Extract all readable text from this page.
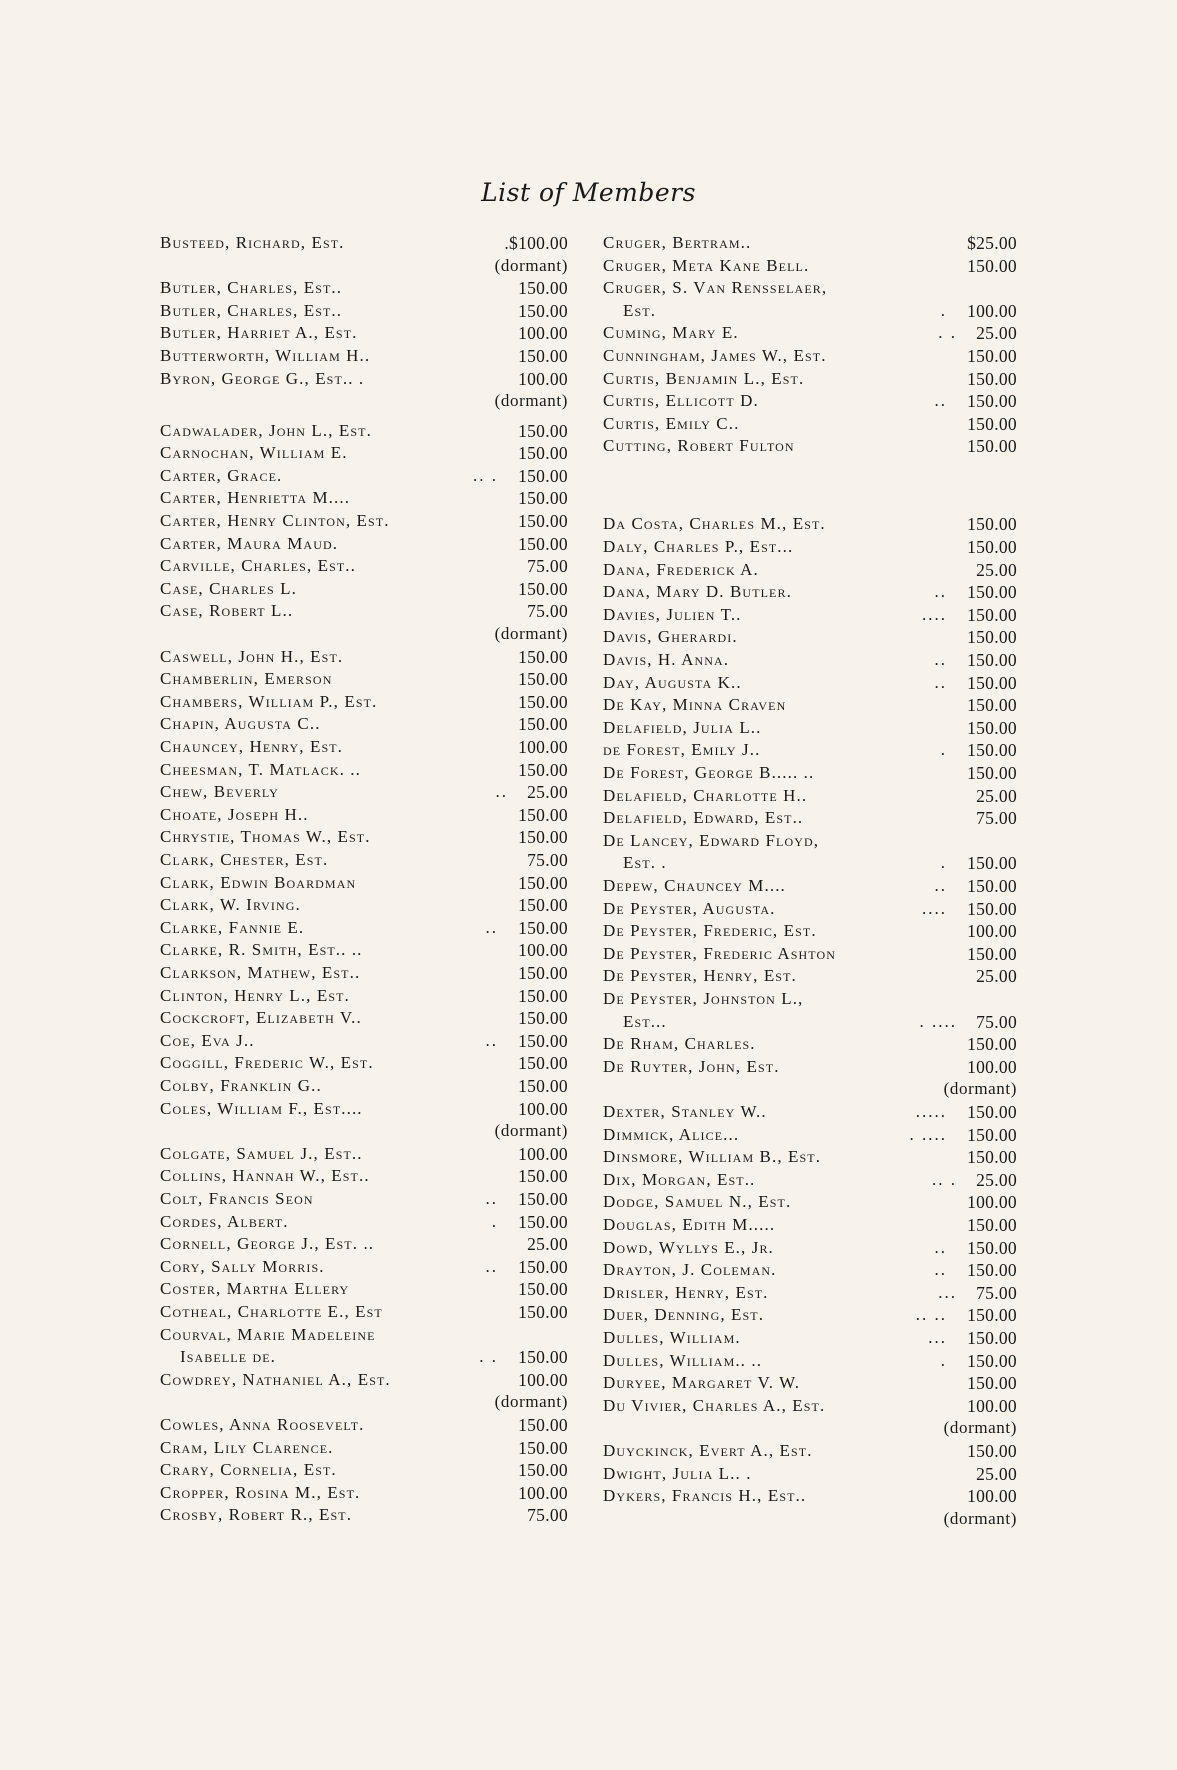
List of Members
Busteed, Richard, Est.	.$100.00
(dormant)
Butler, Charles, Est..	150.00
Butler, Charles, Est..	150.00
Butler, Harriet A., Est.	100.00
Butterworth, William H..	150.00
Byron, George G., Est.. .	100.00
(dormant)
Cadwalader, John L., Est.	150.00
Carnochan, William E.	150.00
Carter, Grace.	.. . 150.00
Carter, Henrietta M....	150.00
Carter, Henry Clinton, Est.	150.00
Carter, Maura Maud.	150.00
Carville, Charles, Est..	75.00
Case, Charles L.	150.00
Case, Robert L..	75.00
(dormant)
Caswell, John H., Est.	150.00
Chamberlin, Emerson	150.00
Chambers, William P., Est.	150.00
Chapin, Augusta C..	150.00
Chauncey, Henry, Est.	100.00
Cheesman, T. Matlack. ..	150.00
Chew, Beverly	.. 25.00
Choate, Joseph H..	150.00
Chrystie, Thomas W., Est.	150.00
Clark, Chester, Est.	75.00
Clark, Edwin Boardman	150.00
Clark, W. Irving.	150.00
Clarke, Fannie E.	.. 150.00
Clarke, R. Smith, Est.. ..	100.00
Clarkson, Mathew, Est..	150.00
Clinton, Henry L., Est.	150.00
Cockcroft, Elizabeth V..	150.00
Coe, Eva J..	.. 150.00
Coggill, Frederic W., Est.	150.00
Colby, Franklin G..	150.00
Coles, William F., Est....	100.00
(dormant)
Colgate, Samuel J., Est..	100.00
Collins, Hannah W., Est..	150.00
Colt, Francis Seon	.. 150.00
Cordes, Albert.	. 150.00
Cornell, George J., Est. ..	25.00
Cory, Sally Morris.	.. 150.00
Coster, Martha Ellery	150.00
Cotheal, Charlotte E., Est	150.00
Courval, Marie Madeleine
Isabelle de.	. . 150.00
Cowdrey, Nathaniel A., Est.	100.00
(dormant)
Cowles, Anna Roosevelt.	150.00
Cram, Lily Clarence.	150.00
Crary, Cornelia, Est.	150.00
Cropper, Rosina M., Est.	100.00
Crosby, Robert R., Est.	75.00
Cruger, Bertram..	$25.00
Cruger, Meta Kane Bell.	150.00
Cruger, S. Van Rensselaer,
Est.	. 100.00
Cuming, Mary E.	. . 25.00
Cunningham, James W., Est.	150.00
Curtis, Benjamin L., Est.	150.00
Curtis, Ellicott D.	.. 150.00
Curtis, Emily C..	150.00
Cutting, Robert Fulton	150.00
Da Costa, Charles M., Est.	150.00
Daly, Charles P., Est...	150.00
Dana, Frederick A.	25.00
Dana, Mary D. Butler.	.. 150.00
Davies, Julien T..	.... 150.00
Davis, Gherardi.	150.00
Davis, H. Anna.	.. 150.00
Day, Augusta K..	.. 150.00
De Kay, Minna Craven	150.00
Delafield, Julia L..	150.00
de Forest, Emily J..	. 150.00
De Forest, George B..... ..	150.00
Delafield, Charlotte H..	25.00
Delafield, Edward, Est..	75.00
De Lancey, Edward Floyd,
Est. .	. 150.00
Depew, Chauncey M....	.. 150.00
De Peyster, Augusta.	.... 150.00
De Peyster, Frederic, Est.	100.00
De Peyster, Frederic Ashton	150.00
De Peyster, Henry, Est.	25.00
De Peyster, Johnston L.,
Est...	. .... 75.00
De Rham, Charles.	150.00
De Ruyter, John, Est.	100.00
(dormant)
Dexter, Stanley W..	..... 150.00
Dimmick, Alice...	. .... 150.00
Dinsmore, William B., Est.	150.00
Dix, Morgan, Est..	.. . 25.00
Dodge, Samuel N., Est.	100.00
Douglas, Edith M.....	150.00
Dowd, Wyllys E., Jr.	.. 150.00
Drayton, J. Coleman.	.. 150.00
Drisler, Henry, Est.	... 75.00
Duer, Denning, Est.	.. .. 150.00
Dulles, William.	... 150.00
Dulles, William.. ..	. 150.00
Duryee, Margaret V. W.	150.00
Du Vivier, Charles A., Est.	100.00
(dormant)
Duyckinck, Evert A., Est.	150.00
Dwight, Julia L.. .	25.00
Dykers, Francis H., Est..	100.00
(dormant)
